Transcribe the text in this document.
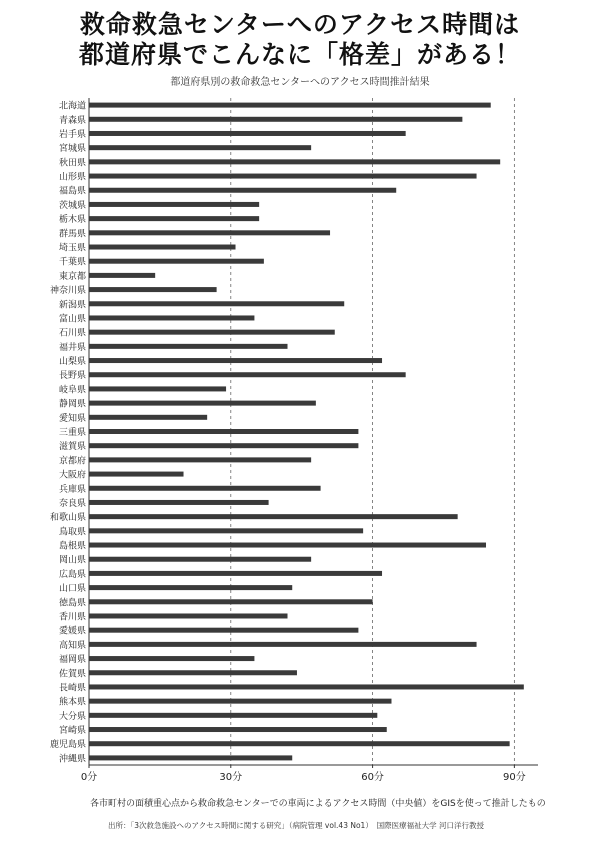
救命救急センターへのアクセス時間は
都道府県でこんなに「格差」がある！
都道府県別の救命救急センターへのアクセス時間推計結果
北海道
青森県
岩手県
宮城県
秋田県
山形県
福島県
茨城県
栃木県
群馬県
埼玉県
千葉県
東京都
神奈川県
新潟県
富山県
石川県
福井県
山梨県
長野県
岐阜県
静岡県
愛知県
三重県
滋賀県
京都府
大阪府
兵庫県
奈良県
和歌山県
鳥取県
島根県
岡山県
広島県
山口県
徳島県
香川県
愛媛県
高知県
福岡県
佐賀県
長崎県
熊本県
大分県
宮崎県
鹿児島県
沖縄県
0分	30分	60分	90分
各市町村の面積重心点から救命救急センターでの車両によるアクセス時間（中央値）をGISを使って推計したもの
出所：「3次救急施設へのアクセス時間に関する研究」（病院管理 vol.43 No1）　国際医療福祉大学 河口洋行教授
